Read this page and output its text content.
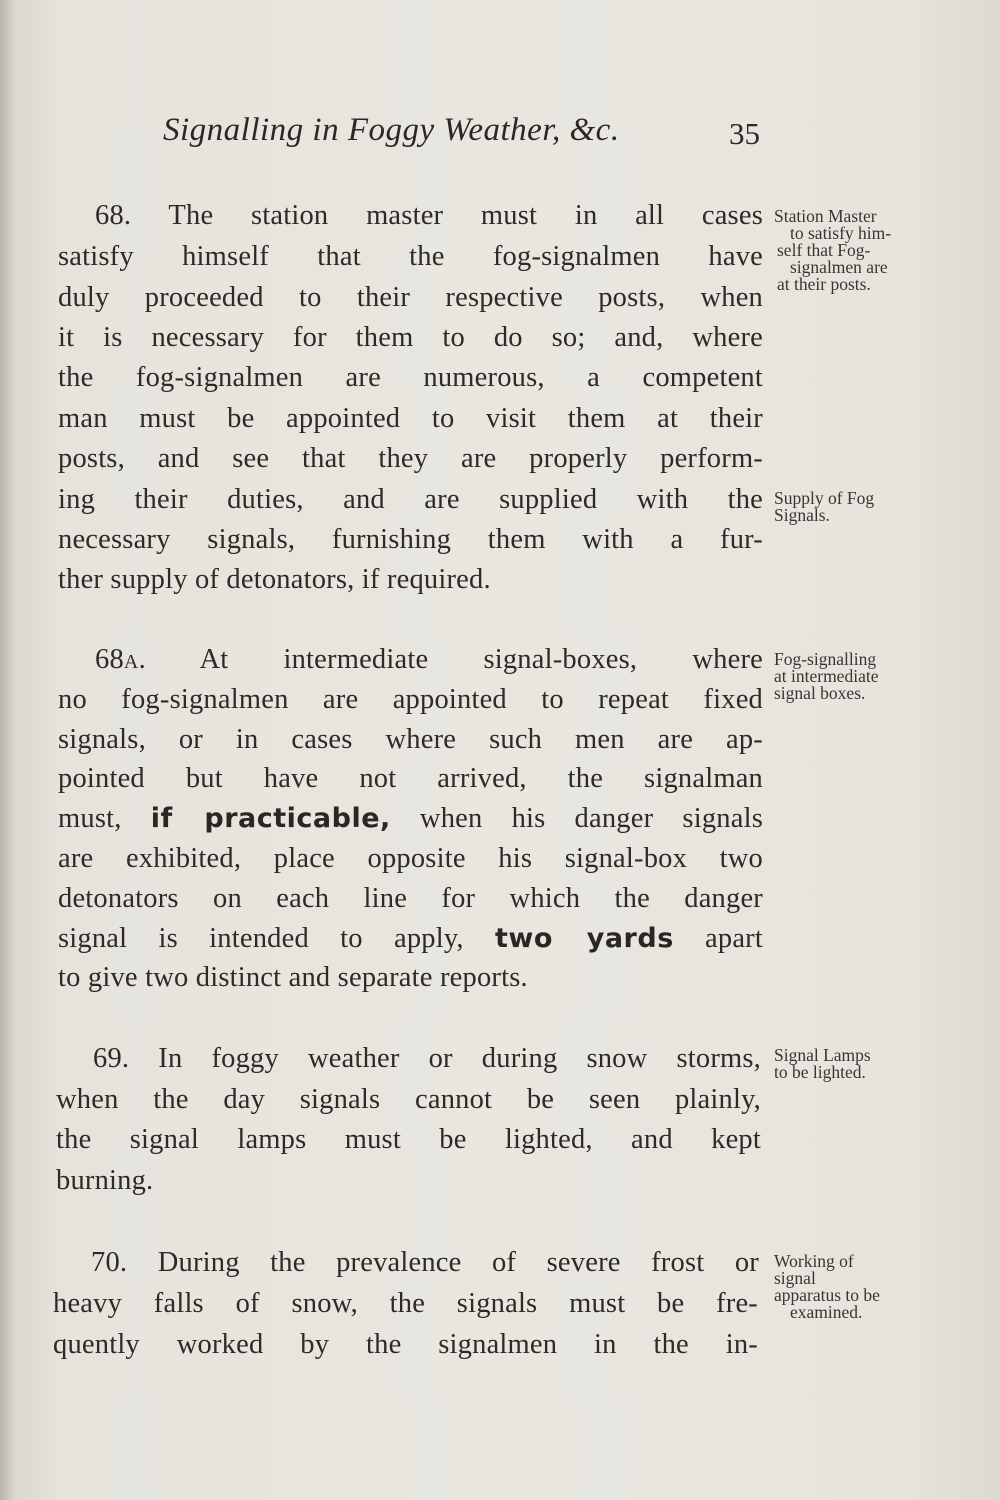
Signalling in Foggy Weather, &c.	35
68. The station master must in all cases
satisfy himself that the fog-signalmen have
duly proceeded to their respective posts, when
it is necessary for them to do so; and, where
the fog-signalmen are numerous, a competent
man must be appointed to visit them at their
posts, and see that they are properly perform-
ing their duties, and are supplied with the
necessary signals, furnishing them with a fur-
ther supply of detonators, if required.
68a. At intermediate signal-boxes, where
no fog-signalmen are appointed to repeat fixed
signals, or in cases where such men are ap-
pointed but have not arrived, the signalman
must, if practicable, when his danger signals
are exhibited, place opposite his signal-box two
detonators on each line for which the danger
signal is intended to apply, two yards apart
to give two distinct and separate reports.
69. In foggy weather or during snow storms,
when the day signals cannot be seen plainly,
the signal lamps must be lighted, and kept
burning.
70. During the prevalence of severe frost or
heavy falls of snow, the signals must be fre-
quently worked by the signalmen in the in-
Station Master
to satisfy him-
self that Fog-
signalmen are
at their posts.
Supply of Fog
Signals.
Fog-signalling
at intermediate
signal boxes.
Signal Lamps
to be lighted.
Working of
signal
apparatus to be
examined.
